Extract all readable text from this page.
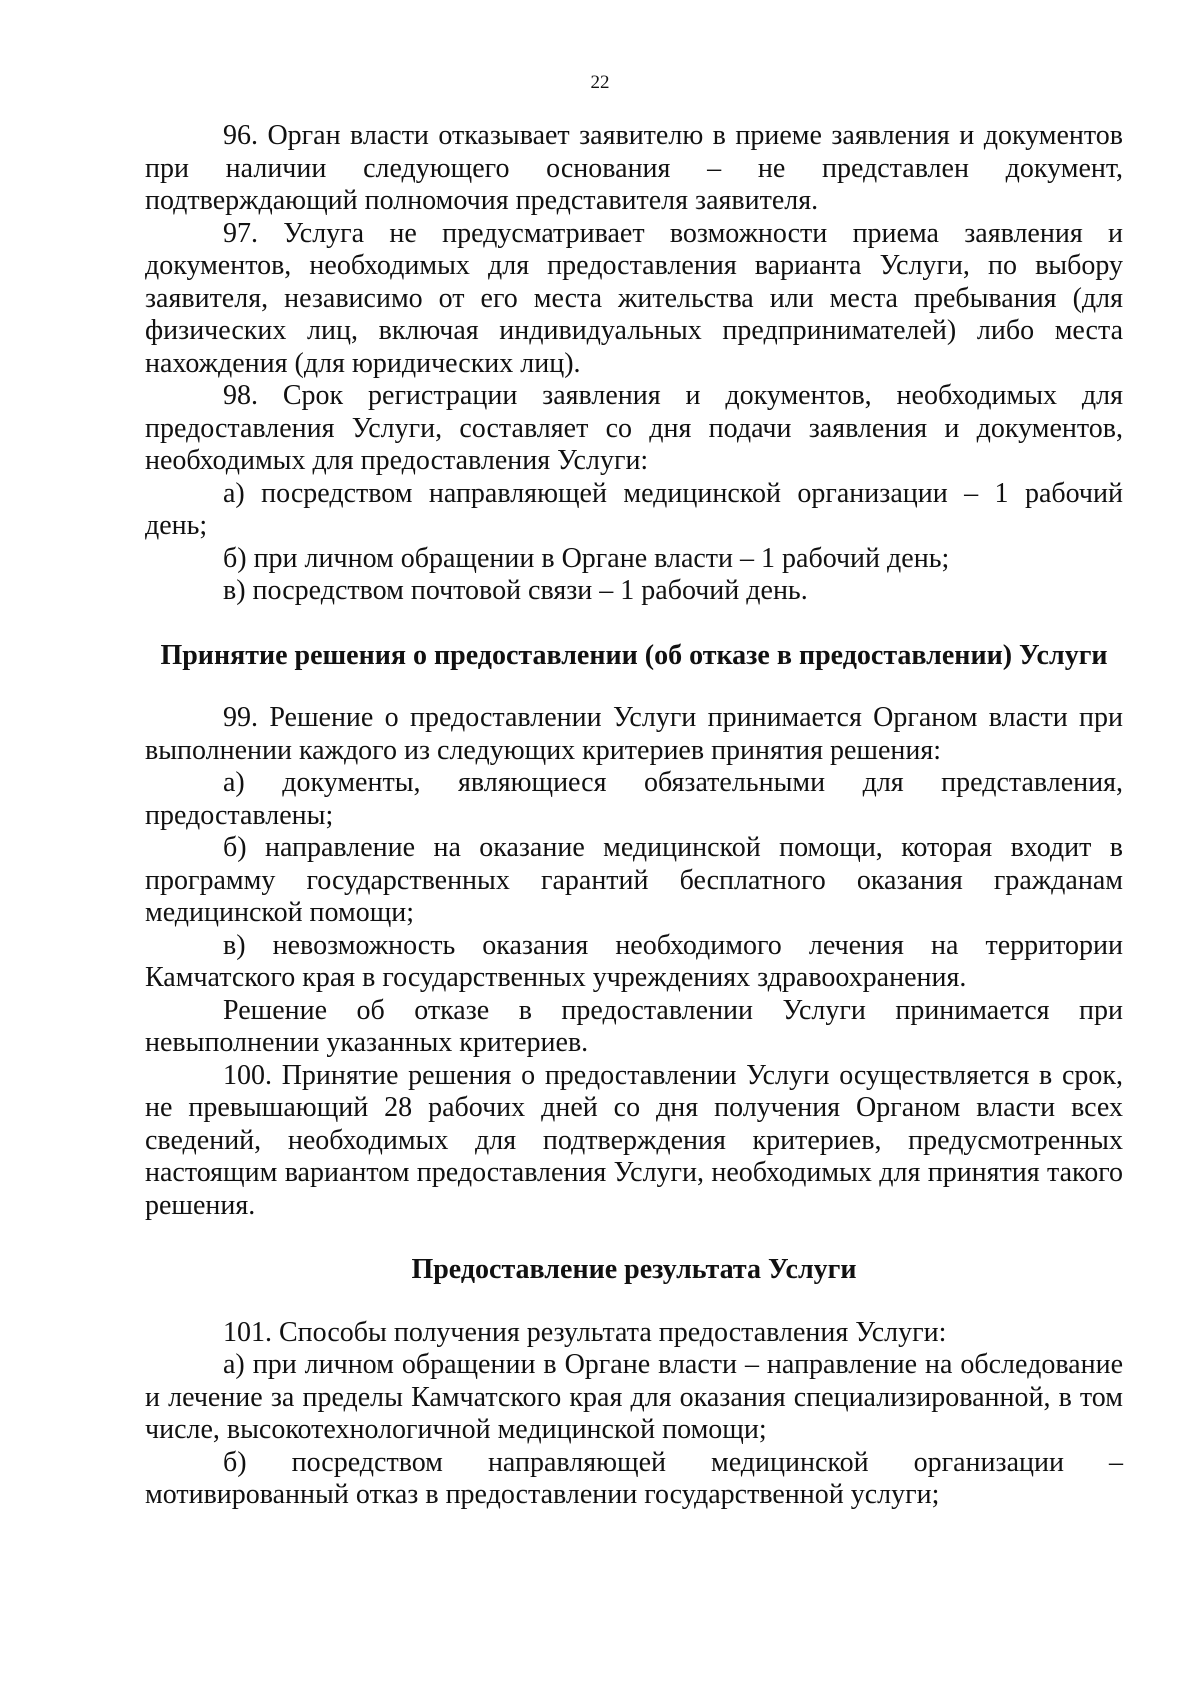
22

96. Орган власти отказывает заявителю в приеме заявления и документов при наличии следующего основания – не представлен документ, подтверждающий полномочия представителя заявителя.

97. Услуга не предусматривает возможности приема заявления и документов, необходимых для предоставления варианта Услуги, по выбору заявителя, независимо от его места жительства или места пребывания (для физических лиц, включая индивидуальных предпринимателей) либо места нахождения (для юридических лиц).

98. Срок регистрации заявления и документов, необходимых для предоставления Услуги, составляет со дня подачи заявления и документов, необходимых для предоставления Услуги:

а) посредством направляющей медицинской организации – 1 рабочий день;

б) при личном обращении в Органе власти – 1 рабочий день;

в) посредством почтовой связи – 1 рабочий день.

Принятие решения о предоставлении (об отказе в предоставлении) Услуги

99. Решение о предоставлении Услуги принимается Органом власти при выполнении каждого из следующих критериев принятия решения:

а) документы, являющиеся обязательными для представления, предоставлены;

б) направление на оказание медицинской помощи, которая входит в программу государственных гарантий бесплатного оказания гражданам медицинской помощи;

в) невозможность оказания необходимого лечения на территории Камчатского края в государственных учреждениях здравоохранения.

Решение об отказе в предоставлении Услуги принимается при невыполнении указанных критериев.

100. Принятие решения о предоставлении Услуги осуществляется в срок, не превышающий 28 рабочих дней со дня получения Органом власти всех сведений, необходимых для подтверждения критериев, предусмотренных настоящим вариантом предоставления Услуги, необходимых для принятия такого решения.

Предоставление результата Услуги

101. Способы получения результата предоставления Услуги:

а) при личном обращении в Органе власти – направление на обследование и лечение за пределы Камчатского края для оказания специализированной, в том числе, высокотехнологичной медицинской помощи;

б) посредством направляющей медицинской организации – мотивированный отказ в предоставлении государственной услуги;
